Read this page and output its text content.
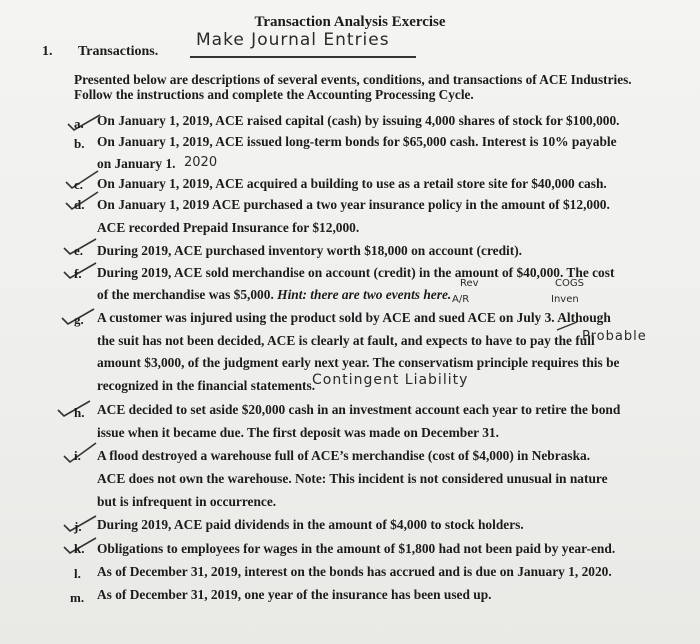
Transaction Analysis Exercise
1. Transactions.
Make Journal Entries
Presented below are descriptions of several events, conditions, and transactions of ACE Industries. Follow the instructions and complete the Accounting Processing Cycle.
a. On January 1, 2019, ACE raised capital (cash) by issuing 4,000 shares of stock for $100,000.
b. On January 1, 2019, ACE issued long-term bonds for $65,000 cash. Interest is 10% payable
on January 1. 2020
c. On January 1, 2019, ACE acquired a building to use as a retail store site for $40,000 cash.
d. On January 1, 2019 ACE purchased a two year insurance policy in the amount of $12,000.
ACE recorded Prepaid Insurance for $12,000.
e. During 2019, ACE purchased inventory worth $18,000 on account (credit).
f. During 2019, ACE sold merchandise on account (credit) in the amount of $40,000. The cost
of the merchandise was $5,000. Hint: there are two events here.
Rev
A/R
COGS
Inven
g. A customer was injured using the product sold by ACE and sued ACE on July 3. Although
the suit has not been decided, ACE is clearly at fault, and expects to have to pay the full
amount $3,000, of the judgment early next year. The conservatism principle requires this be
recognized in the financial statements.
Probable
Contingent Liability
h. ACE decided to set aside $20,000 cash in an investment account each year to retire the bond
issue when it became due. The first deposit was made on December 31.
i. A flood destroyed a warehouse full of ACE’s merchandise (cost of $4,000) in Nebraska.
ACE does not own the warehouse. Note: This incident is not considered unusual in nature
but is infrequent in occurrence.
j. During 2019, ACE paid dividends in the amount of $4,000 to stock holders.
k. Obligations to employees for wages in the amount of $1,800 had not been paid by year-end.
l. As of December 31, 2019, interest on the bonds has accrued and is due on January 1, 2020.
m. As of December 31, 2019, one year of the insurance has been used up.
